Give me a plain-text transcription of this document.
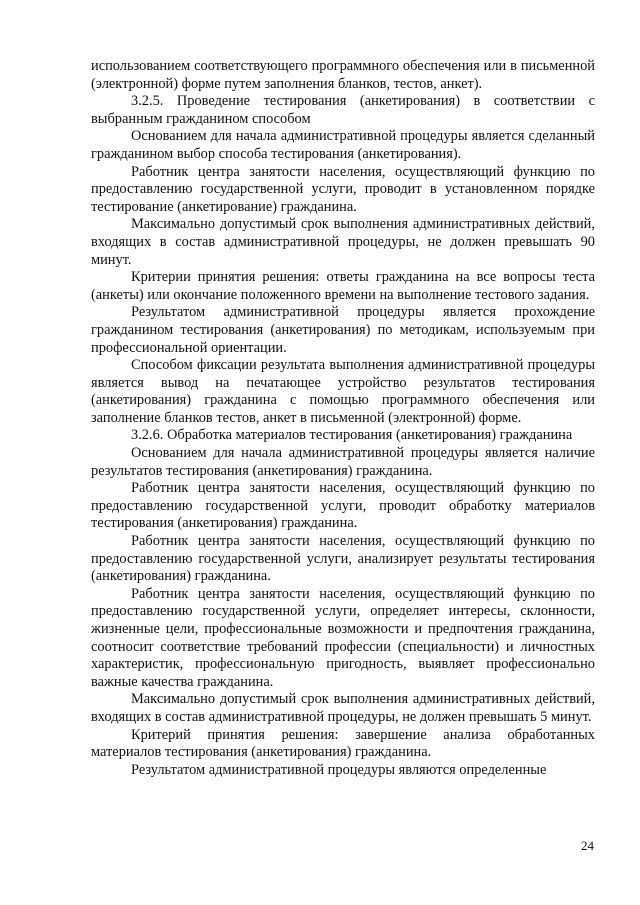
использованием соответствующего программного обеспечения или в письменной (электронной) форме путем заполнения бланков, тестов, анкет).

3.2.5. Проведение тестирования (анкетирования) в соответствии с выбранным гражданином способом

Основанием для начала административной процедуры является сделанный гражданином выбор способа тестирования (анкетирования).

Работник центра занятости населения, осуществляющий функцию по предоставлению государственной услуги, проводит в установленном порядке тестирование (анкетирование) гражданина.

Максимально допустимый срок выполнения административных действий, входящих в состав административной процедуры, не должен превышать 90 минут.

Критерии принятия решения: ответы гражданина на все вопросы теста (анкеты) или окончание положенного времени на выполнение тестового задания.

Результатом административной процедуры является прохождение гражданином тестирования (анкетирования) по методикам, используемым при профессиональной ориентации.

Способом фиксации результата выполнения административной процедуры является вывод на печатающее устройство результатов тестирования (анкетирования) гражданина с помощью программного обеспечения или заполнение бланков тестов, анкет в письменной (электронной) форме.

3.2.6. Обработка материалов тестирования (анкетирования) гражданина

Основанием для начала административной процедуры является наличие результатов тестирования (анкетирования) гражданина.

Работник центра занятости населения, осуществляющий функцию по предоставлению государственной услуги, проводит обработку материалов тестирования (анкетирования) гражданина.

Работник центра занятости населения, осуществляющий функцию по предоставлению государственной услуги, анализирует результаты тестирования (анкетирования) гражданина.

Работник центра занятости населения, осуществляющий функцию по предоставлению государственной услуги, определяет интересы, склонности, жизненные цели, профессиональные возможности и предпочтения гражданина, соотносит соответствие требований профессии (специальности) и личностных характеристик, профессиональную пригодность, выявляет профессионально важные качества гражданина.

Максимально допустимый срок выполнения административных действий, входящих в состав административной процедуры, не должен превышать 5 минут.

Критерий принятия решения: завершение анализа обработанных материалов тестирования (анкетирования) гражданина.

Результатом административной процедуры являются определенные

24
